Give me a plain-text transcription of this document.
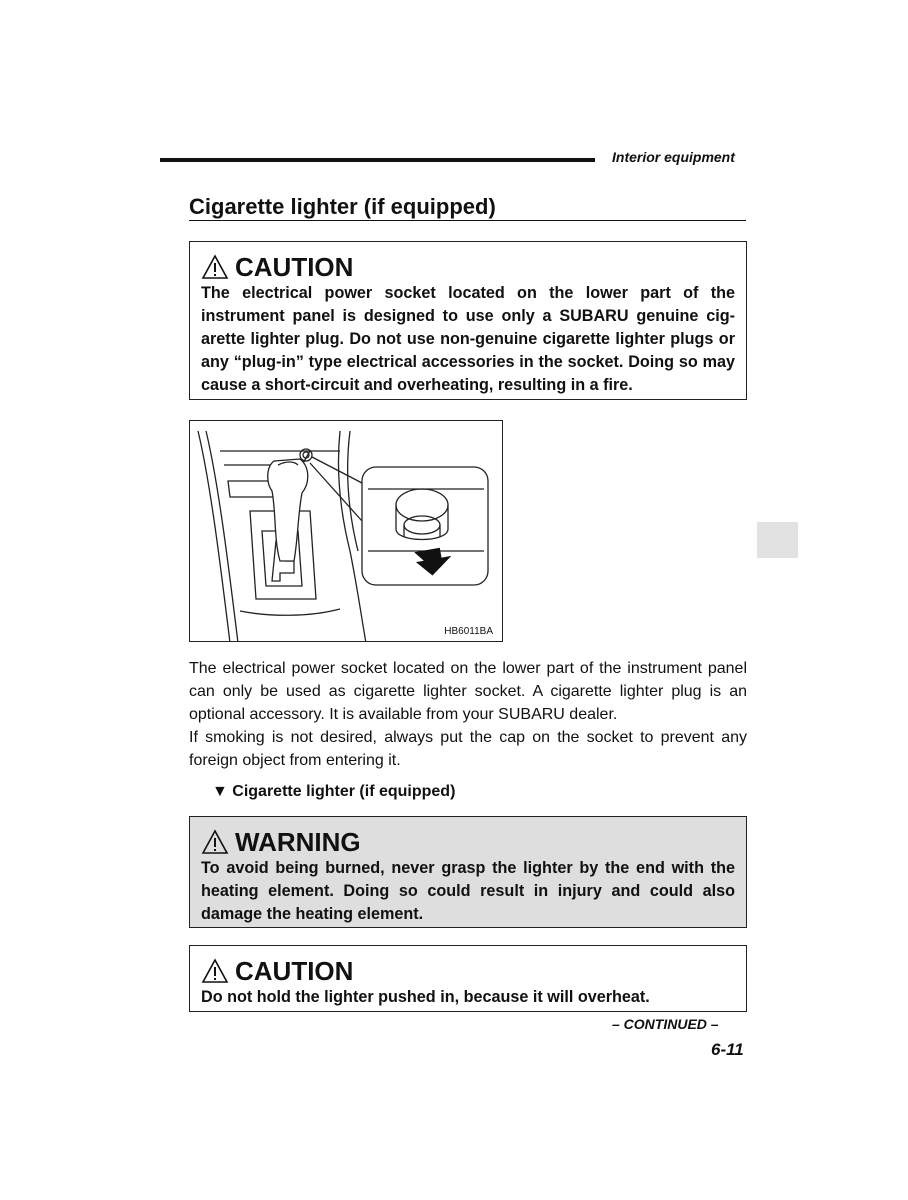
Interior equipment
Cigarette lighter (if equipped)
CAUTION
The electrical power socket located on the lower part of the instrument panel is designed to use only a SUBARU genuine cig-arette lighter plug. Do not use non-genuine cigarette lighter plugs or any “plug-in” type electrical accessories in the socket. Doing so may cause a short-circuit and overheating, resulting in a fire.
HB6011BA

The electrical power socket located on the lower part of the instrument panel can only be used as cigarette lighter socket. A cigarette lighter plug is an optional accessory. It is available from your SUBARU dealer.

If smoking is not desired, always put the cap on the socket to prevent any foreign object from entering it.

▼ Cigarette lighter (if equipped)
WARNING
To avoid being burned, never grasp the lighter by the end with the heating element. Doing so could result in injury and could also damage the heating element.
CAUTION
Do not hold the lighter pushed in, because it will overheat.
– CONTINUED –
6-11
